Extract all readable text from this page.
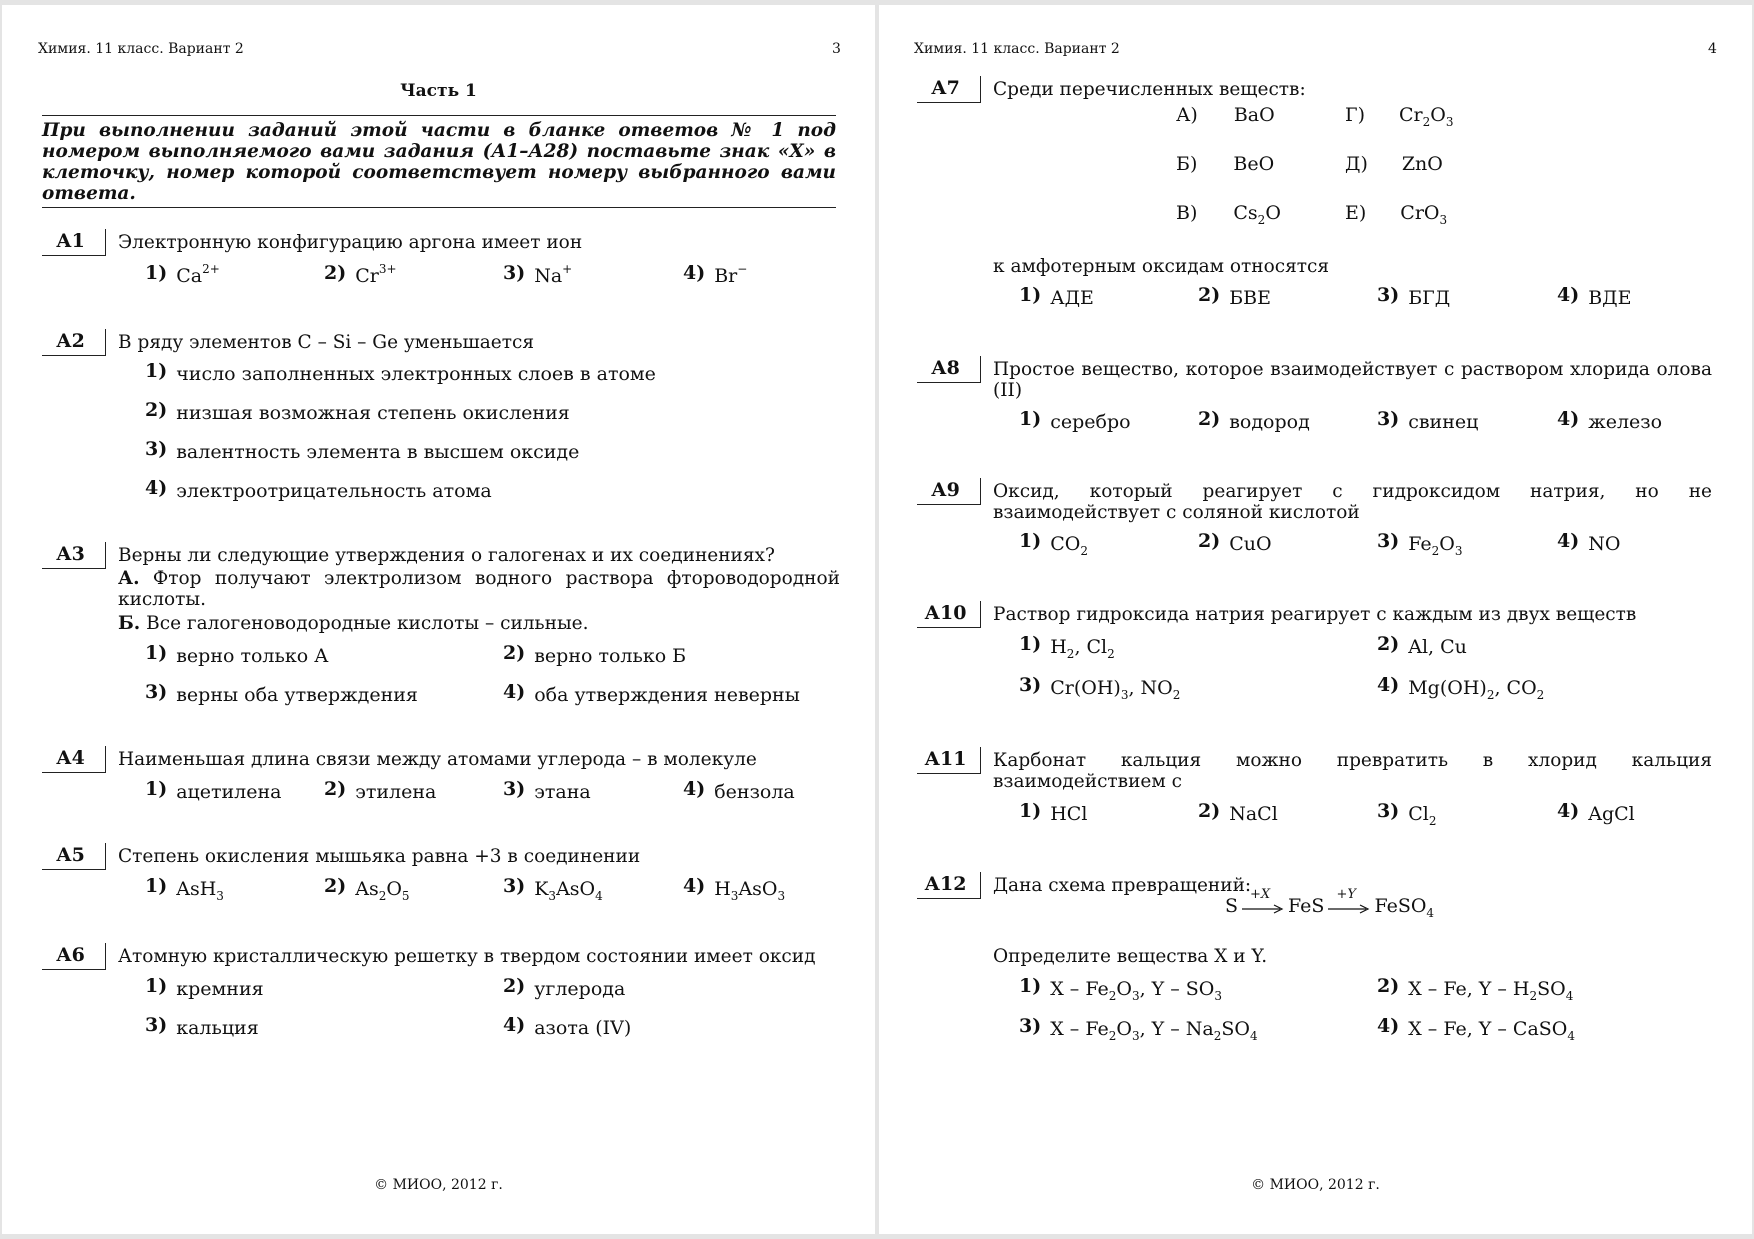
Химия. 11 класс. Вариант 2	3
Часть 1
При выполнении заданий этой части в бланке ответов № 1 под номером выполняемого вами задания (А1–А28) поставьте знак «Х» в клеточку, номер которой соответствует номеру выбранного вами ответа.
А1	Электронную конфигурацию аргона имеет ион
1) $Ca^{2+}$	2) $Cr^{3+}$	3) Na+	4) Br−
А2	В ряду элементов C – Si – Ge уменьшается
1) число заполненных электронных слоев в атоме
2) низшая возможная степень окисления
3) валентность элемента в высшем оксиде
4) электроотрицательность атома
А3	Верны ли следующие утверждения о галогенах и их соединениях?
А. Фтор получают электролизом водного раствора фтороводородной кислоты.
Б. Все галогеноводородные кислоты – сильные.
1) верно только А	2) верно только Б
3) верны оба утверждения	4) оба утверждения неверны
А4	Наименьшая длина связи между атомами углерода – в молекуле
1) ацетилена 2) этилена	3) этана	4) бензола
А5	Степень окисления мышьяка равна +3 в соединении
1) AsH$_3$	2) $As_2O_5$	3) $K_3AsO_4$	4) $H_3AsO_3$
А6	Атомную кристаллическую решетку в твердом состоянии имеет оксид
1) кремния	2) углерода
3) кальция	4) азота (IV)
© МИОО, 2012 г.
Химия. 11 класс. Вариант 2	4
А7	Среди перечисленных веществ:
А) BaO	Г) $Cr_2O_3$
Б) BeO	Д) ZnO
В) $Cs_2O$	Е) CrO$_3$
к амфотерным оксидам относятся
1) АДЕ	2) БВЕ	3) БГД	4) ВДЕ
А8	Простое вещество, которое взаимодействует с раствором хлорида олова (II)
1) серебро	2) водород	3) свинец	4) железо
А9	Оксид, который реагирует с гидроксидом натрия, но не взаимодействует с соляной кислотой
1) $CO_2$	2) CuO	3) $Fe_2O_3$	4) NO
А10	Раствор гидроксида натрия реагирует с каждым из двух веществ
1) $H_2$, $Cl_2$	2) Al, Cu
3) $Cr(OH)_3$, $NO_2$	4) $Mg(OH)_2$, $CO_2$
А11	Карбонат кальция можно превратить в хлорид кальция взаимодействием с
1) HCl	2) NaCl	3) $Cl_2$	4) AgCl
А12	Дана схема превращений:
S
+X
FeS
+Y
FeSO$_4$
Определите вещества X и Y.
1) X – $Fe_2O_3$, Y – $SO_3$	2) X – Fe, Y – $H_2SO_4$
3) X – $Fe_2O_3$, Y – $Na_2SO_4$	4) X – Fe, Y – CaSO$_4$
© МИОО, 2012 г.
